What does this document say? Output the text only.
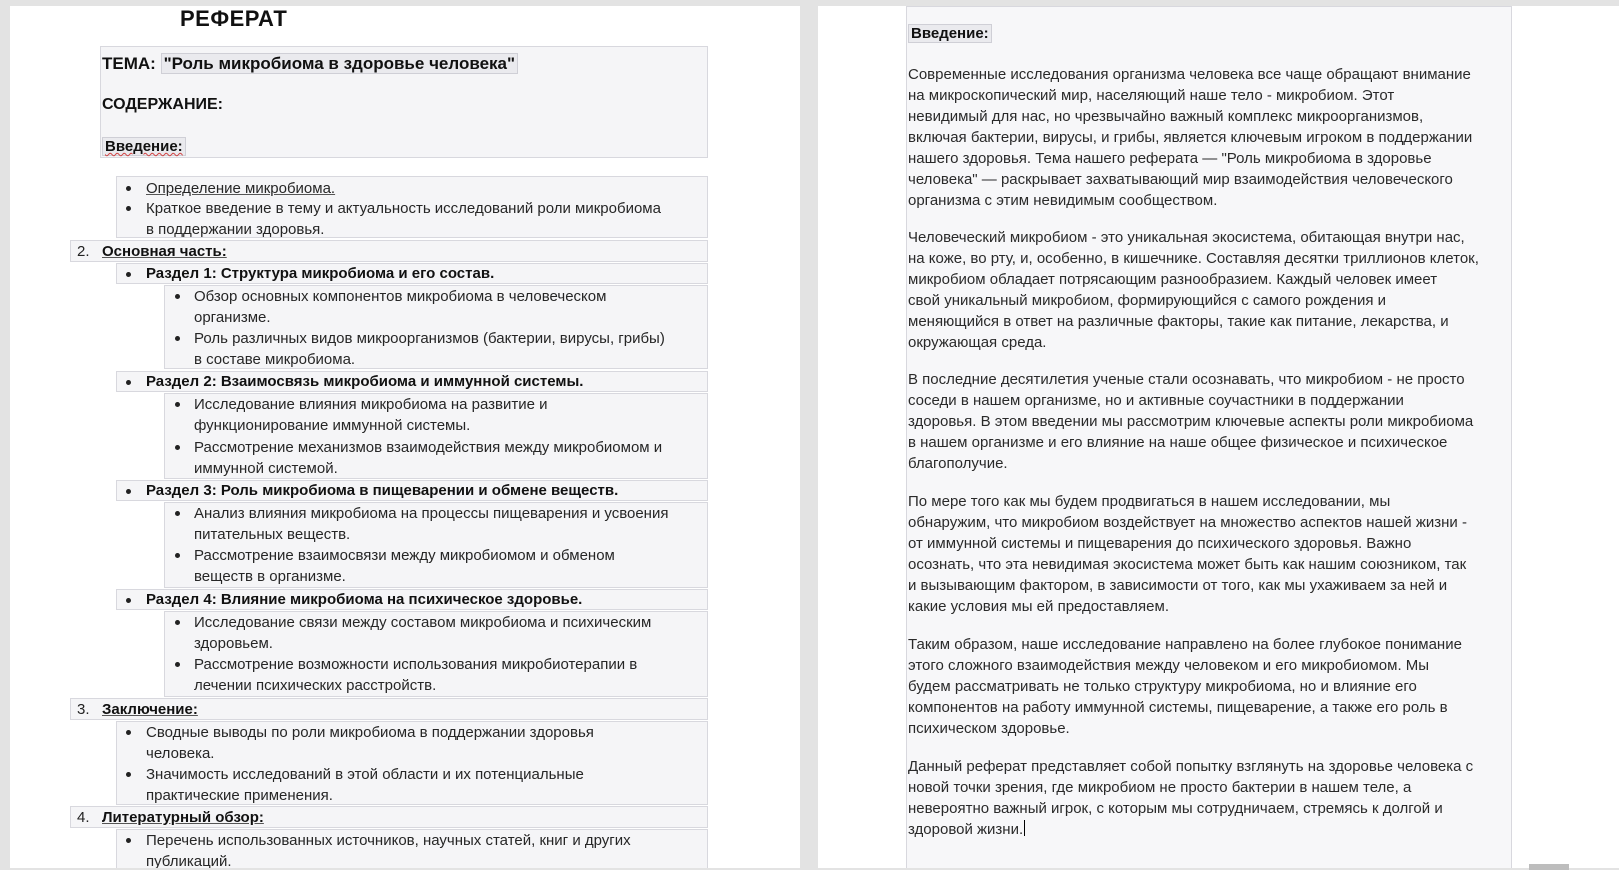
РЕФЕРАТ
ТЕМА: "Роль микробиома в здоровье человека"
СОДЕРЖАНИЕ:
Введение:
Определение микробиома.
Краткое введение в тему и актуальность исследований роли микробиома
в поддержании здоровья.
2. Основная часть:
Раздел 1: Структура микробиома и его состав.
Обзор основных компонентов микробиома в человеческом
организме.
Роль различных видов микроорганизмов (бактерии, вирусы, грибы)
в составе микробиома.
Раздел 2: Взаимосвязь микробиома и иммунной системы.
Исследование влияния микробиома на развитие и
функционирование иммунной системы.
Рассмотрение механизмов взаимодействия между микробиомом и
иммунной системой.
Раздел 3: Роль микробиома в пищеварении и обмене веществ.
Анализ влияния микробиома на процессы пищеварения и усвоения
питательных веществ.
Рассмотрение взаимосвязи между микробиомом и обменом
веществ в организме.
Раздел 4: Влияние микробиома на психическое здоровье.
Исследование связи между составом микробиома и психическим
здоровьем.
Рассмотрение возможности использования микробиотерапии в
лечении психических расстройств.
3. Заключение:
Сводные выводы по роли микробиома в поддержании здоровья
человека.
Значимость исследований в этой области и их потенциальные
практические применения.
4. Литературный обзор:
Перечень использованных источников, научных статей, книг и других
публикаций.
Введение:
Современные исследования организма человека все чаще обращают внимание
на микроскопический мир, населяющий наше тело - микробиом. Этот
невидимый для нас, но чрезвычайно важный комплекс микроорганизмов,
включая бактерии, вирусы, и грибы, является ключевым игроком в поддержании
нашего здоровья. Тема нашего реферата — "Роль микробиома в здоровье
человека" — раскрывает захватывающий мир взаимодействия человеческого
организма с этим невидимым сообществом.
Человеческий микробиом - это уникальная экосистема, обитающая внутри нас,
на коже, во рту, и, особенно, в кишечнике. Составляя десятки триллионов клеток,
микробиом обладает потрясающим разнообразием. Каждый человек имеет
свой уникальный микробиом, формирующийся с самого рождения и
меняющийся в ответ на различные факторы, такие как питание, лекарства, и
окружающая среда.
В последние десятилетия ученые стали осознавать, что микробиом - не просто
соседи в нашем организме, но и активные соучастники в поддержании
здоровья. В этом введении мы рассмотрим ключевые аспекты роли микробиома
в нашем организме и его влияние на наше общее физическое и психическое
благополучие.
По мере того как мы будем продвигаться в нашем исследовании, мы
обнаружим, что микробиом воздействует на множество аспектов нашей жизни -
от иммунной системы и пищеварения до психического здоровья. Важно
осознать, что эта невидимая экосистема может быть как нашим союзником, так
и вызывающим фактором, в зависимости от того, как мы ухаживаем за ней и
какие условия мы ей предоставляем.
Таким образом, наше исследование направлено на более глубокое понимание
этого сложного взаимодействия между человеком и его микробиомом. Мы
будем рассматривать не только структуру микробиома, но и влияние его
компонентов на работу иммунной системы, пищеварение, а также его роль в
психическом здоровье.
Данный реферат представляет собой попытку взглянуть на здоровье человека с
новой точки зрения, где микробиом не просто бактерии в нашем теле, а
невероятно важный игрок, с которым мы сотрудничаем, стремясь к долгой и
здоровой жизни.
